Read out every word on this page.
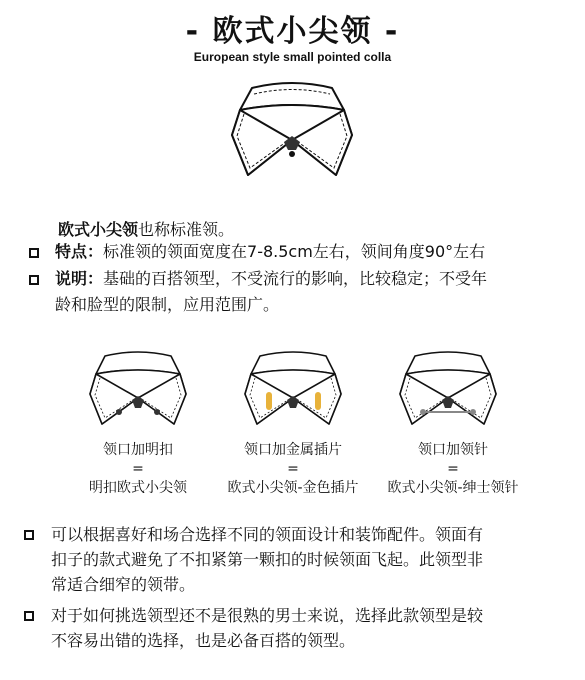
- 欧式小尖领 -
European style small pointed colla
欧式小尖领也称标准领。
特点：标准领的领面宽度在7-8.5cm左右，领间角度90°左右
说明：基础的百搭领型，不受流行的影响，比较稳定；不受年
龄和脸型的限制，应用范围广。
领口加明扣
=
明扣欧式小尖领
领口加金属插片
=
欧式小尖领-金色插片
领口加领针
=
欧式小尖领-绅士领针
可以根据喜好和场合选择不同的领面设计和装饰配件。领面有
扣子的款式避免了不扣紧第一颗扣的时候领面飞起。此领型非
常适合细窄的领带。
对于如何挑选领型还不是很熟的男士来说，选择此款领型是较
不容易出错的选择，也是必备百搭的领型。
